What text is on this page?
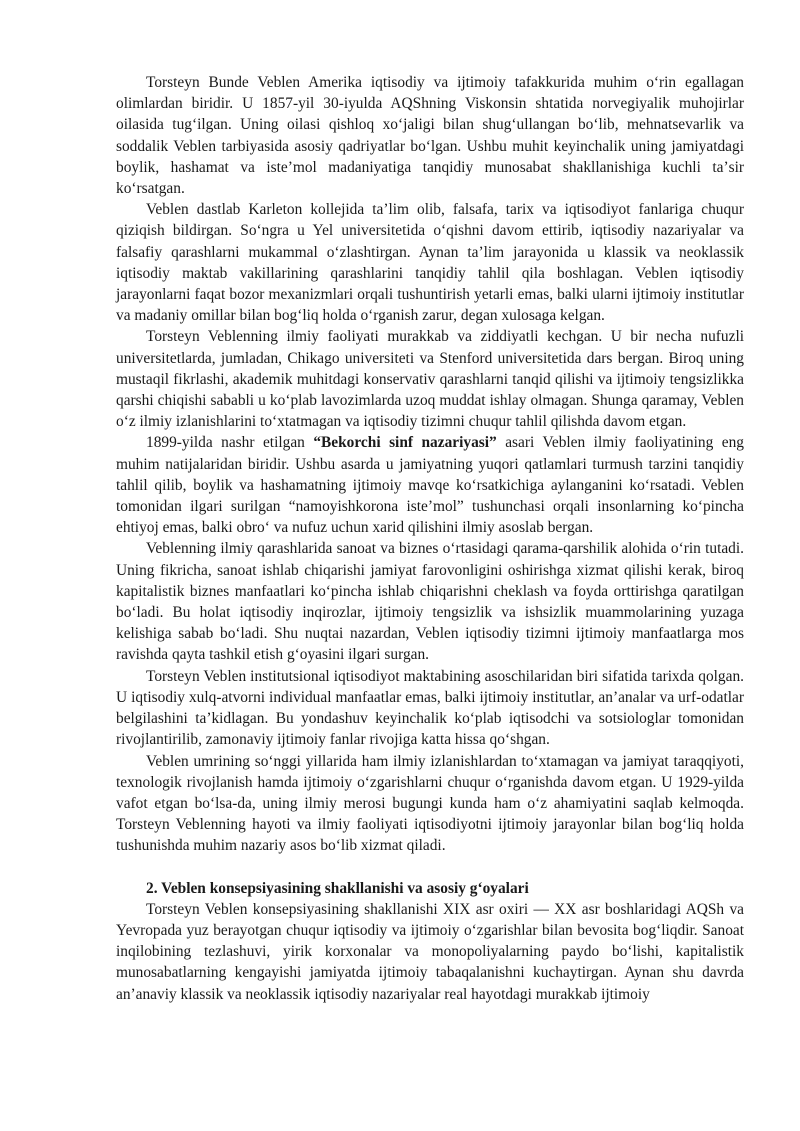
Torsteyn Bunde Veblen Amerika iqtisodiy va ijtimoiy tafakkurida muhim oʻrin egallagan olimlardan biridir. U 1857-yil 30-iyulda AQShning Viskonsin shtatida norvegiyalik muhojirlar oilasida tugʻilgan. Uning oilasi qishloq xoʻjaligi bilan shugʻullangan boʻlib, mehnatsevarlik va soddalik Veblen tarbiyasida asosiy qadriyatlar boʻlgan. Ushbu muhit keyinchalik uning jamiyatdagi boylik, hashamat va isteʼmol madaniyatiga tanqidiy munosabat shakllanishiga kuchli taʼsir koʻrsatgan.

Veblen dastlab Karleton kollejida taʼlim olib, falsafa, tarix va iqtisodiyot fanlariga chuqur qiziqish bildirgan. Soʻngra u Yel universitetida oʻqishni davom ettirib, iqtisodiy nazariyalar va falsafiy qarashlarni mukammal oʻzlashtirgan. Aynan taʼlim jarayonida u klassik va neoklassik iqtisodiy maktab vakillarining qarashlarini tanqidiy tahlil qila boshlagan. Veblen iqtisodiy jarayonlarni faqat bozor mexanizmlari orqali tushuntirish yetarli emas, balki ularni ijtimoiy institutlar va madaniy omillar bilan bogʻliq holda oʻrganish zarur, degan xulosaga kelgan.

Torsteyn Veblenning ilmiy faoliyati murakkab va ziddiyatli kechgan. U bir necha nufuzli universitetlarda, jumladan, Chikago universiteti va Stenford universitetida dars bergan. Biroq uning mustaqil fikrlashi, akademik muhitdagi konservativ qarashlarni tanqid qilishi va ijtimoiy tengsizlikka qarshi chiqishi sababli u koʻplab lavozimlarda uzoq muddat ishlay olmagan. Shunga qaramay, Veblen oʻz ilmiy izlanishlarini toʻxtatmagan va iqtisodiy tizimni chuqur tahlil qilishda davom etgan.

1899-yilda nashr etilgan “Bekorchi sinf nazariyasi” asari Veblen ilmiy faoliyatining eng muhim natijalaridan biridir. Ushbu asarda u jamiyatning yuqori qatlamlari turmush tarzini tanqidiy tahlil qilib, boylik va hashamatning ijtimoiy mavqe koʻrsatkichiga aylanganini koʻrsatadi. Veblen tomonidan ilgari surilgan “namoyishkorona isteʼmol” tushunchasi orqali insonlarning koʻpincha ehtiyoj emas, balki obroʻ va nufuz uchun xarid qilishini ilmiy asoslab bergan.

Veblenning ilmiy qarashlarida sanoat va biznes oʻrtasidagi qarama-qarshilik alohida oʻrin tutadi. Uning fikricha, sanoat ishlab chiqarishi jamiyat farovonligini oshirishga xizmat qilishi kerak, biroq kapitalistik biznes manfaatlari koʻpincha ishlab chiqarishni cheklash va foyda orttirishga qaratilgan boʻladi. Bu holat iqtisodiy inqirozlar, ijtimoiy tengsizlik va ishsizlik muammolarining yuzaga kelishiga sabab boʻladi. Shu nuqtai nazardan, Veblen iqtisodiy tizimni ijtimoiy manfaatlarga mos ravishda qayta tashkil etish gʻoyasini ilgari surgan.

Torsteyn Veblen institutsional iqtisodiyot maktabining asoschilaridan biri sifatida tarixda qolgan. U iqtisodiy xulq-atvorni individual manfaatlar emas, balki ijtimoiy institutlar, anʼanalar va urf-odatlar belgilashini taʼkidlagan. Bu yondashuv keyinchalik koʻplab iqtisodchi va sotsiologlar tomonidan rivojlantirilib, zamonaviy ijtimoiy fanlar rivojiga katta hissa qoʻshgan.

Veblen umrining soʻnggi yillarida ham ilmiy izlanishlardan toʻxtamagan va jamiyat taraqqiyoti, texnologik rivojlanish hamda ijtimoiy oʻzgarishlarni chuqur oʻrganishda davom etgan. U 1929-yilda vafot etgan boʻlsa-da, uning ilmiy merosi bugungi kunda ham oʻz ahamiyatini saqlab kelmoqda. Torsteyn Veblenning hayoti va ilmiy faoliyati iqtisodiyotni ijtimoiy jarayonlar bilan bogʻliq holda tushunishda muhim nazariy asos boʻlib xizmat qiladi.

2. Veblen konsepsiyasining shakllanishi va asosiy gʻoyalari

Torsteyn Veblen konsepsiyasining shakllanishi XIX asr oxiri — XX asr boshlaridagi AQSh va Yevropada yuz berayotgan chuqur iqtisodiy va ijtimoiy oʻzgarishlar bilan bevosita bogʻliqdir. Sanoat inqilobining tezlashuvi, yirik korxonalar va monopoliyalarning paydo boʻlishi, kapitalistik munosabatlarning kengayishi jamiyatda ijtimoiy tabaqalanishni kuchaytirgan. Aynan shu davrda anʼanaviy klassik va neoklassik iqtisodiy nazariyalar real hayotdagi murakkab ijtimoiy
